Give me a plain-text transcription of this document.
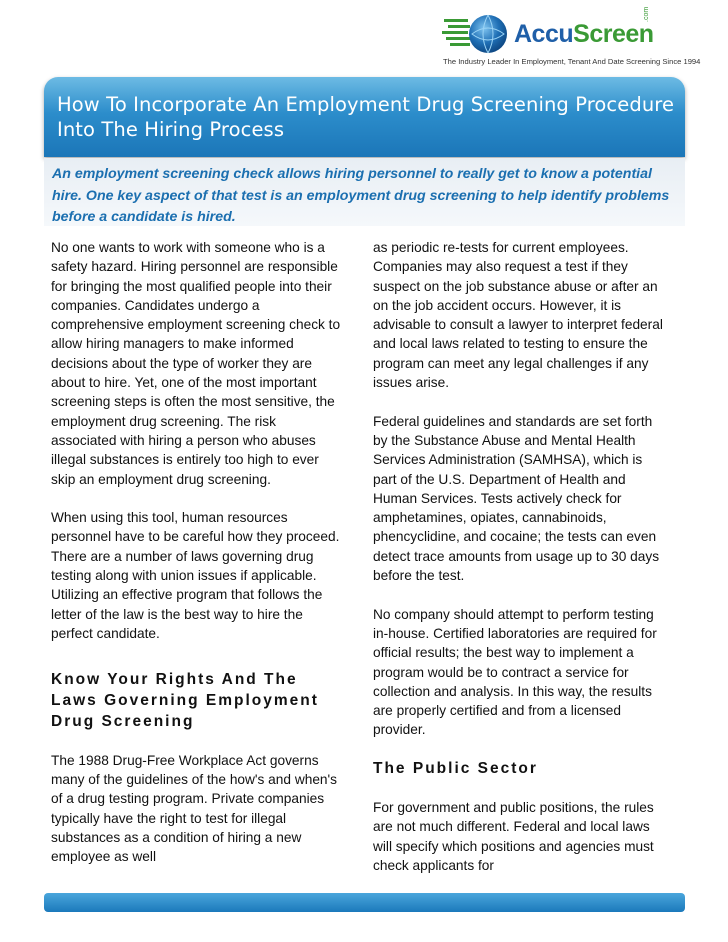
AccuScreen
.com
The Industry Leader In Employment, Tenant And Date Screening Since 1994
How To Incorporate An Employment Drug Screening Procedure Into The Hiring Process
An employment screening check allows hiring personnel to really get to know a potential hire. One key aspect of that test is an employment drug screening to help identify problems before a candidate is hired.

No one wants to work with someone who is a safety hazard. Hiring personnel are responsible for bringing the most qualified people into their companies. Candidates undergo a comprehensive employment screening check to allow hiring managers to make informed decisions about the type of worker they are about to hire. Yet, one of the most important screening steps is often the most sensitive, the employment drug screening. The risk associated with hiring a person who abuses illegal substances is entirely too high to ever skip an employment drug screening.

When using this tool, human resources personnel have to be careful how they proceed. There are a number of laws governing drug testing along with union issues if applicable. Utilizing an effective program that follows the letter of the law is the best way to hire the perfect candidate.

Know Your Rights And The Laws Governing Employment Drug Screening

The 1988 Drug-Free Workplace Act governs many of the guidelines of the how's and when's of a drug testing program. Private companies typically have the right to test for illegal substances as a condition of hiring a new employee as well

as periodic re-tests for current employees. Companies may also request a test if they suspect on the job substance abuse or after an on the job accident occurs. However, it is advisable to consult a lawyer to interpret federal and local laws related to testing to ensure the program can meet any legal challenges if any issues arise.

Federal guidelines and standards are set forth by the Substance Abuse and Mental Health Services Administration (SAMHSA), which is part of the U.S. Department of Health and Human Services. Tests actively check for amphetamines, opiates, cannabinoids, phencyclidine, and cocaine; the tests can even detect trace amounts from usage up to 30 days before the test.

No company should attempt to perform testing in-house. Certified laboratories are required for official results; the best way to implement a program would be to contract a service for collection and analysis. In this way, the results are properly certified and from a licensed provider.

The Public Sector

For government and public positions, the rules are not much different. Federal and local laws will specify which positions and agencies must check applicants for
